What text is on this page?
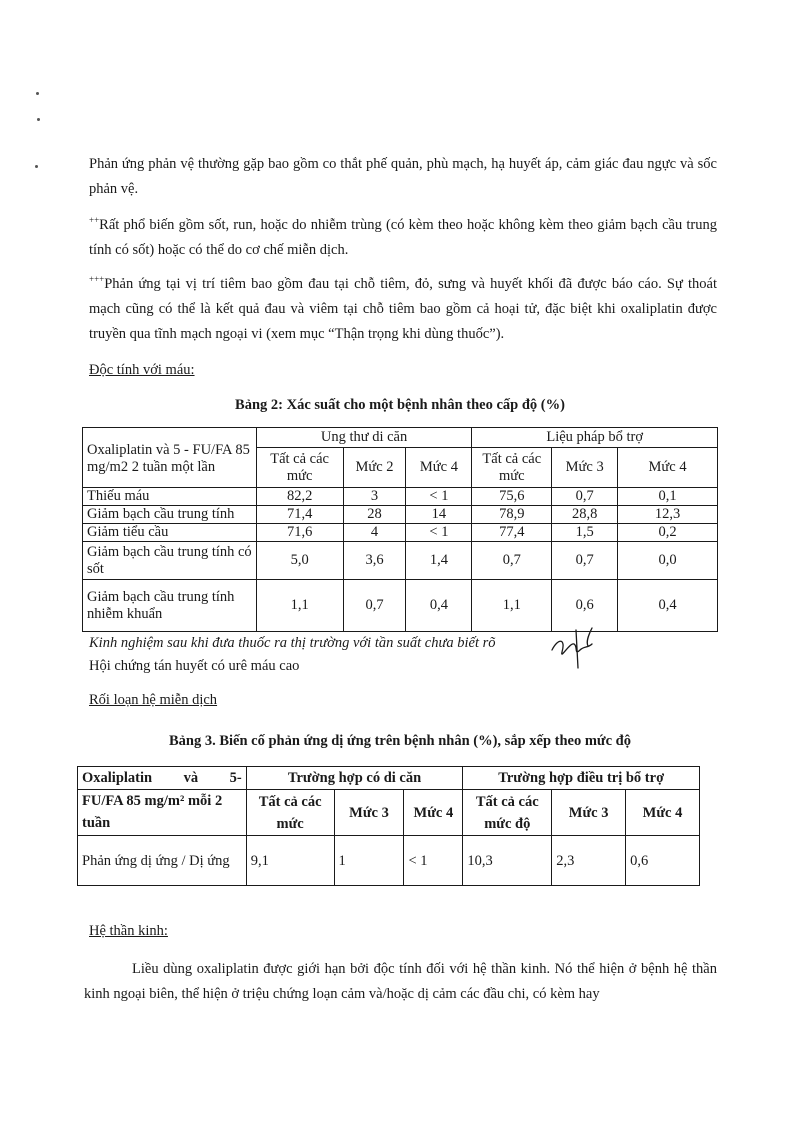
Phản ứng phản vệ thường gặp bao gồm co thắt phế quản, phù mạch, hạ huyết áp, cảm giác đau ngực và sốc phản vệ.

++Rất phổ biến gồm sốt, run, hoặc do nhiễm trùng (có kèm theo hoặc không kèm theo giảm bạch cầu trung tính có sốt) hoặc có thể do cơ chế miễn dịch.

+++Phản ứng tại vị trí tiêm bao gồm đau tại chỗ tiêm, đỏ, sưng và huyết khối đã được báo cáo. Sự thoát mạch cũng có thể là kết quả đau và viêm tại chỗ tiêm bao gồm cả hoại tử, đặc biệt khi oxaliplatin được truyền qua tĩnh mạch ngoại vi (xem mục “Thận trọng khi dùng thuốc”).

Độc tính với máu:

Bảng 2: Xác suất cho một bệnh nhân theo cấp độ (%)

Oxaliplatin và 5 - FU/FA 85 mg/m2 2 tuần một lần	Ung thư di căn			Liệu pháp bổ trợ		
	Tất cả các mức	Mức 2	Mức 4	Tất cả các mức	Mức 3	Mức 4
Thiếu máu	82,2	3	< 1	75,6	0,7	0,1
Giảm bạch cầu trung tính	71,4	28	14	78,9	28,8	12,3
Giảm tiểu cầu	71,6	4	< 1	77,4	1,5	0,2
Giảm bạch cầu trung tính có sốt	5,0	3,6	1,4	0,7	0,7	0,0
Giảm bạch cầu trung tính nhiễm khuẩn	1,1	0,7	0,4	1,1	0,6	0,4

Kinh nghiệm sau khi đưa thuốc ra thị trường với tần suất chưa biết rõ

Hội chứng tán huyết có urê máu cao

Rối loạn hệ miễn dịch

Bảng 3. Biến cố phản ứng dị ứng trên bệnh nhân (%), sắp xếp theo mức độ

Oxaliplatin và 5-	Trường hợp có di căn			Trường hợp điều trị bổ trợ		
FU/FA 85 mg/m² mỗi 2 tuần	Tất cả các mức	Mức 3	Mức 4	Tất cả các mức độ	Mức 3	Mức 4
Phản ứng dị ứng / Dị ứng	9,1	1	< 1	10,3	2,3	0,6

Hệ thần kinh:

Liều dùng oxaliplatin được giới hạn bởi độc tính đối với hệ thần kinh. Nó thể hiện ở bệnh hệ thần kinh ngoại biên, thể hiện ở triệu chứng loạn cảm và/hoặc dị cảm các đầu chi, có kèm hay
